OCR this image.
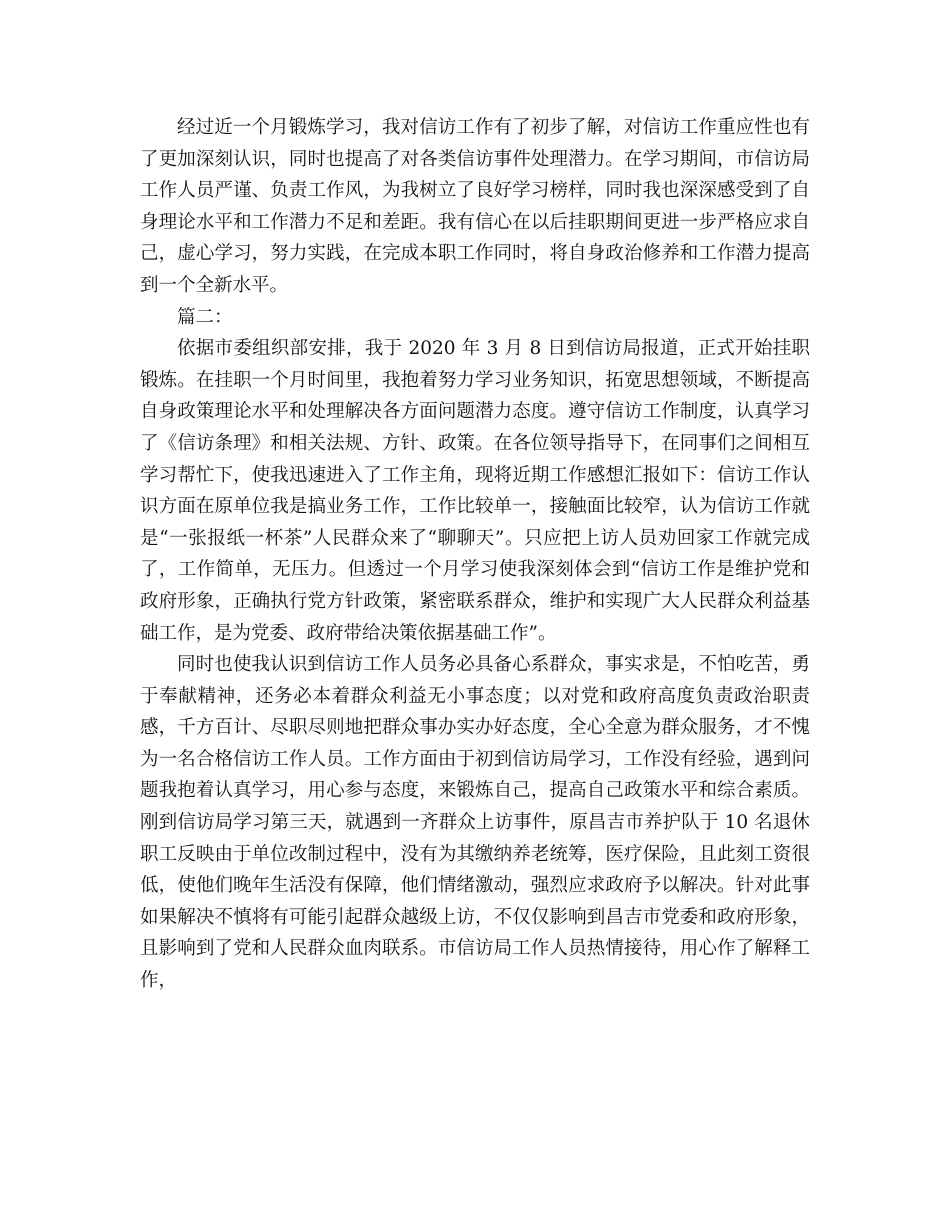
经过近一个月锻炼学习，我对信访工作有了初步了解，对信访工作重应性也有了更加深刻认识，同时也提高了对各类信访事件处理潜力。在学习期间，市信访局工作人员严谨、负责工作风，为我树立了良好学习榜样，同时我也深深感受到了自身理论水平和工作潜力不足和差距。我有信心在以后挂职期间更进一步严格应求自己，虚心学习，努力实践，在完成本职工作同时，将自身政治修养和工作潜力提高到一个全新水平。

篇二：

依据市委组织部安排，我于 2020 年 3 月 8 日到信访局报道，正式开始挂职锻炼。在挂职一个月时间里，我抱着努力学习业务知识，拓宽思想领域，不断提高自身政策理论水平和处理解决各方面问题潜力态度。遵守信访工作制度，认真学习了《信访条理》和相关法规、方针、政策。在各位领导指导下，在同事们之间相互学习帮忙下，使我迅速进入了工作主角，现将近期工作感想汇报如下：信访工作认识方面在原单位我是搞业务工作，工作比较单一，接触面比较窄，认为信访工作就是“一张报纸一杯茶”人民群众来了“聊聊天”。只应把上访人员劝回家工作就完成了，工作简单，无压力。但透过一个月学习使我深刻体会到“信访工作是维护党和政府形象，正确执行党方针政策，紧密联系群众，维护和实现广大人民群众利益基础工作，是为党委、政府带给决策依据基础工作”。

同时也使我认识到信访工作人员务必具备心系群众，事实求是，不怕吃苦，勇于奉献精神，还务必本着群众利益无小事态度；以对党和政府高度负责政治职责感，千方百计、尽职尽则地把群众事办实办好态度，全心全意为群众服务，才不愧为一名合格信访工作人员。工作方面由于初到信访局学习，工作没有经验，遇到问题我抱着认真学习，用心参与态度，来锻炼自己，提高自己政策水平和综合素质。刚到信访局学习第三天，就遇到一齐群众上访事件，原昌吉市养护队于 10 名退休职工反映由于单位改制过程中，没有为其缴纳养老统筹，医疗保险，且此刻工资很低，使他们晚年生活没有保障，他们情绪激动，强烈应求政府予以解决。针对此事如果解决不慎将有可能引起群众越级上访，不仅仅影响到昌吉市党委和政府形象，且影响到了党和人民群众血肉联系。市信访局工作人员热情接待，用心作了解释工作，
